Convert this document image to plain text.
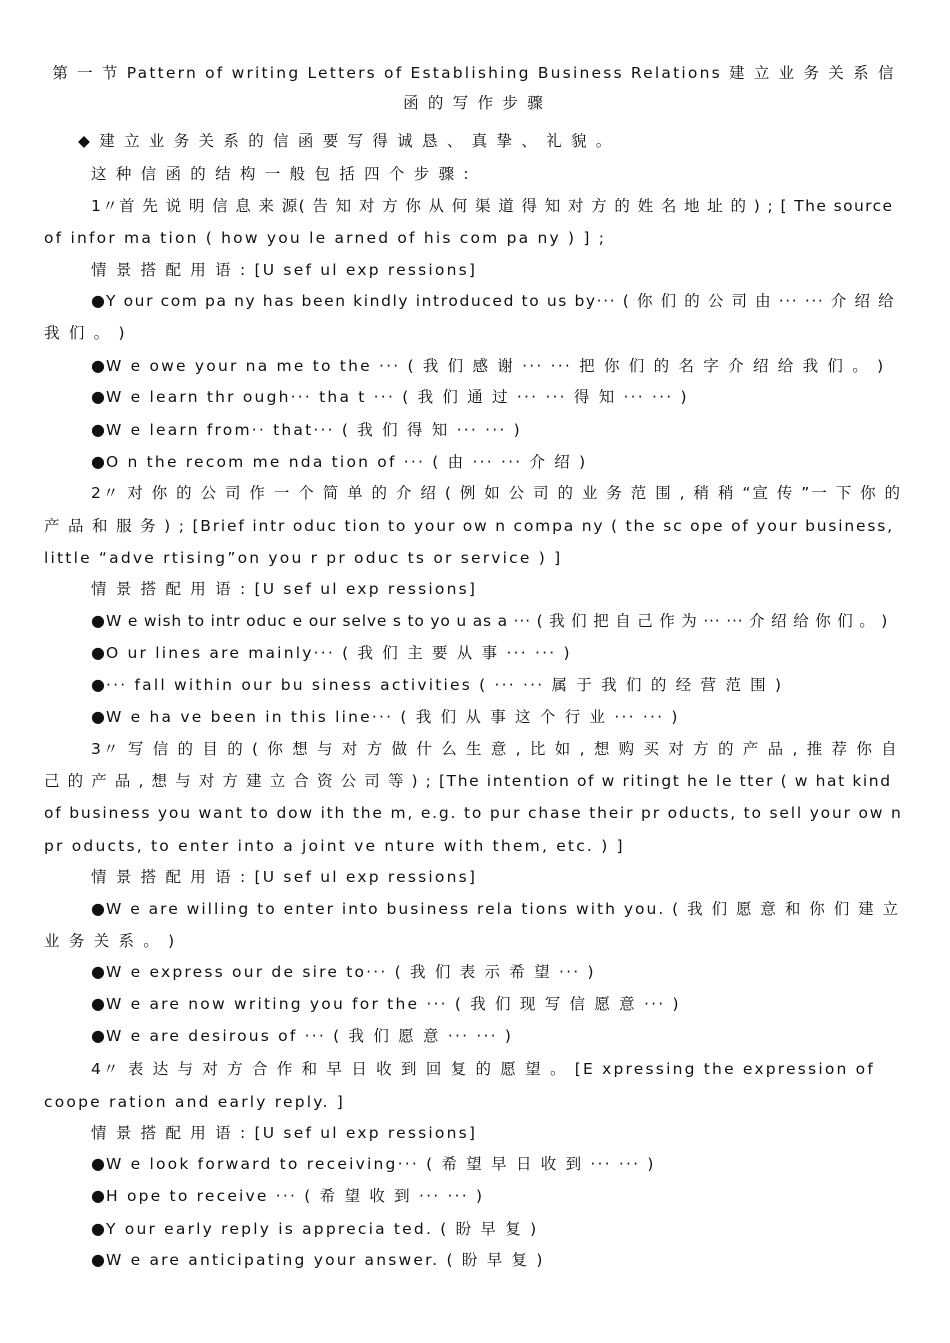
第 一 节 Pattern of writing Letters of Establishing Business Relations 建 立 业 务 关 系 信 函 的 写 作 步 骤
◆ 建 立 业 务 关 系 的 信 函 要 写 得 诚 恳 、 真 挚 、 礼 貌 。
这 种 信 函 的 结 构 一 般 包 括 四 个 步 骤 :
1〃首 先 说 明 信 息 来 源( 告 知 对 方 你 从 何 渠 道 得 知 对 方 的 姓 名 地 址 的 ) ; [ The source
of infor ma tion ( how you le arned of his com pa ny ) ] ;
情 景 搭 配 用 语 : [U sef ul exp ressions]
●Y our com pa ny has been kindly introduced to us by··· ( 你 们 的 公 司 由 ··· ··· 介 绍 给
我 们 。 )
●W e owe your na me to the ··· ( 我 们 感 谢 ··· ··· 把 你 们 的 名 字 介 绍 给 我 们 。 )
●W e learn thr ough··· tha t ··· ( 我 们 通 过 ··· ··· 得 知 ··· ··· )
●W e learn from·· that··· ( 我 们 得 知 ··· ··· )
●O n the recom me nda tion of ··· ( 由 ··· ··· 介 绍 )
2〃 对 你 的 公 司 作 一 个 简 单 的 介 绍 ( 例 如 公 司 的 业 务 范 围 , 稍 稍 “宣 传 ”一 下 你 的
产 品 和 服 务 ) ; [Brief intr oduc tion to your ow n compa ny ( the sc ope of your business,
little “adve rtising”on you r pr oduc ts or service ) ]
情 景 搭 配 用 语 : [U sef ul exp ressions]
●W e wish to intr oduc e our selve s to yo u as a ··· ( 我 们 把 自 己 作 为 ··· ··· 介 绍 给 你 们 。 )
●O ur lines are mainly··· ( 我 们 主 要 从 事 ··· ··· )
●··· fall within our bu siness activities ( ··· ··· 属 于 我 们 的 经 营 范 围 )
●W e ha ve been in this line··· ( 我 们 从 事 这 个 行 业 ··· ··· )
3〃 写 信 的 目 的 ( 你 想 与 对 方 做 什 么 生 意 , 比 如 , 想 购 买 对 方 的 产 品 , 推 荐 你 自
己 的 产 品 , 想 与 对 方 建 立 合 资 公 司 等 ) ; [The intention of w ritingt he le tter ( w hat kind
of business you want to dow ith the m, e.g. to pur chase their pr oducts, to sell your ow n
pr oducts, to enter into a joint ve nture with them, etc. ) ]
情 景 搭 配 用 语 : [U sef ul exp ressions]
●W e are willing to enter into business rela tions with you. ( 我 们 愿 意 和 你 们 建 立
业 务 关 系 。 )
●W e express our de sire to··· ( 我 们 表 示 希 望 ··· )
●W e are now writing you for the ··· ( 我 们 现 写 信 愿 意 ··· )
●W e are desirous of ··· ( 我 们 愿 意 ··· ··· )
4〃 表 达 与 对 方 合 作 和 早 日 收 到 回 复 的 愿 望 。 [E xpressing the expression of
coope ration and early reply. ]
情 景 搭 配 用 语 : [U sef ul exp ressions]
●W e look forward to receiving··· ( 希 望 早 日 收 到 ··· ··· )
●H ope to receive ··· ( 希 望 收 到 ··· ··· )
●Y our early reply is apprecia ted. ( 盼 早 复 )
●W e are anticipating your answer. ( 盼 早 复 )
